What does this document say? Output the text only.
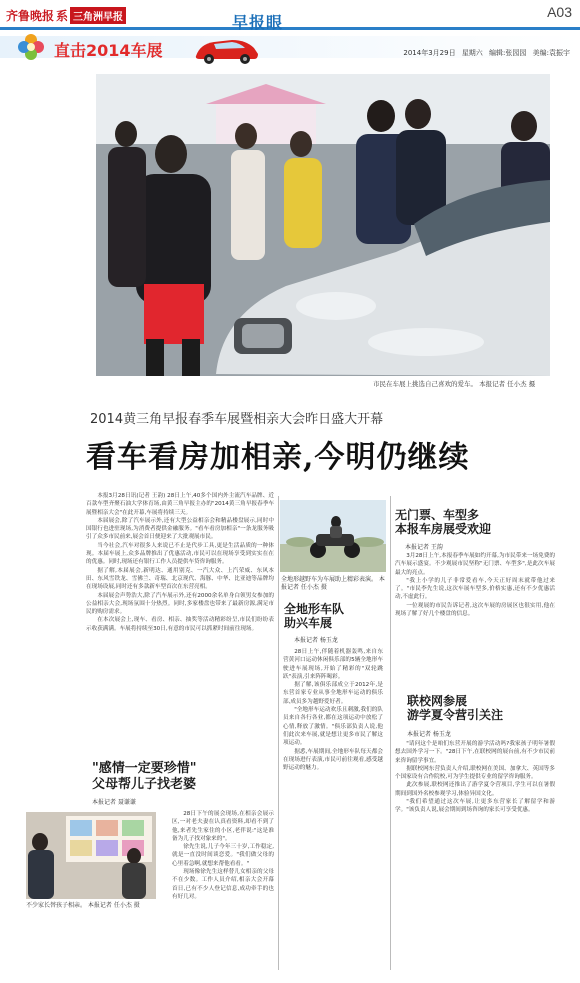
齐鲁晚报 系 三角洲早报	早报眼
A03
直击2014车展	2014年3月29日 星期六 编辑:张园园 美编:袁振宇
市民在车展上挑选自己喜欢的爱车。 本报记者 任小杰 摄
2014黄三角早报春季车展暨相亲大会昨日盛大开幕
看车看房加相亲,今明仍继续

本报3月28日讯(记者 王韵) 28日上午,40多个国内外主流汽车品牌、近百款车型齐聚石油大学体育场,由黄三角早报主办的"2014黄三角早报春季车展暨相亲大会"在此开幕,车展将持续三天。

本届展会,除了汽车展示外,还有大型公益相亲会和精品楼盘展示,同时中国银行也进驻现场,为消费者提供金融服务。"看车看房加相亲"一条龙服务吸引了众多市民前来,展会首日便迎来了大批观展市民。

当今社会,汽车对很多人来说已不止是代步工具,更是生活品质的一种体现。本届车展上,众多品牌推出了优惠活动,市民可以在现场享受到实实在在的优惠。同时,现场还有银行工作人员提供车贷咨询服务。

据了解,本届展会,新明达、通用别克、一汽大众、上汽荣威、东风本田、东风雪铁龙、雪佛兰、奇瑞、北京现代、海豚、中华、比亚迪等品牌均在现场设展,同时还有多款新车型首次在东营亮相。

本届展会声势浩大,除了汽车展示外,还有2000余名单身白领男女参加的公益相亲大会,现场氛围十分热烈。同时,多家楼盘也带来了最新房源,满足市民的购房需求。

在本次展会上,现车、看房、相亲、抽奖等活动精彩纷呈,市民们纷纷表示收获满满。车展将持续至30日,有意的市民可以抓紧时间前往现场。

"感情一定要珍惜"
父母帮儿子找老婆
本报记者 聂谦谦
不少家长替孩子相亲。 本报记者 任小杰 摄

28日下午的展会现场,在相亲会展示区,一对老夫妻在认真看资料,却看不到了他,来者先生家住的小区,老伴说:"这是准备为儿子找对象来的"。

徐先生说,儿子今年三十岁,工作稳定,就是一直没时间谈恋爱。"我们做父母的心里着急啊,就想来帮他看看。"

现场像徐先生这样替儿女相亲的父母不在少数。工作人员介绍,相亲大会开幕首日,已有不少人登记信息,成功牵手的也有好几对。

全地形越野车为车展助上精彩表演。 本报记者 任小杰 摄
全地形车队
助兴车展
本报记者 杨玉龙

28日上午,伴随着机器轰鸣,来自东营黄河口运动休闲俱乐部的5辆全地形车驶进车展现场,开始了精彩的"双轮跳跃"表演,引来阵阵喝彩。

据了解,该俱乐部成立于2012年,是东营首家专业从事全地形车运动的俱乐部,成员多为越野爱好者。

"全地形车运动欢乐且刺激,我们的队员来自各行各业,都在这项运动中放松了心情,释放了激情。"俱乐部负责人说,他们此次来车展,就是想让更多市民了解这项运动。

据悉,车展期间,全地形车队每天都会在现场进行表演,市民可前往观看,感受越野运动的魅力。

无门票、车型多
本报车房展受欢迎
本报记者 王韵

3月28日上午,本报春季车展如约开幕,为市民带来一场免费的汽车展示盛宴。不少观展市民坚称"无门票、车型多",是此次车展最大的亮点。

"我上小学的儿子非常爱看车,今天正好周末就带他过来了。"市民李先生说,这次车展车型多,价格实惠,还有不少优惠活动,不虚此行。

一位观展的市民告诉记者,这次车展的房展区也很实用,他在现场了解了好几个楼盘的信息。

联校网参展
游学夏令营引关注
本报记者 杨玉龙

"请问这个是咱们东营开展的游学活动吗?我家孩子明年暑假想去国外学习一下。"28日下午,在联校网的展台前,有不少市民前来咨询留学事宜。

据联校网东营负责人介绍,联校网在美国、加拿大、英国等多个国家设有合作院校,可为学生提供专业的留学咨询服务。

此次参展,联校网还推出了游学夏令营项目,学生可以在暑假期间到国外名校参观学习,体验异国文化。

"我们希望通过这次车展,让更多东营家长了解留学和游学。"该负责人说,展会期间到场咨询的家长可享受优惠。
